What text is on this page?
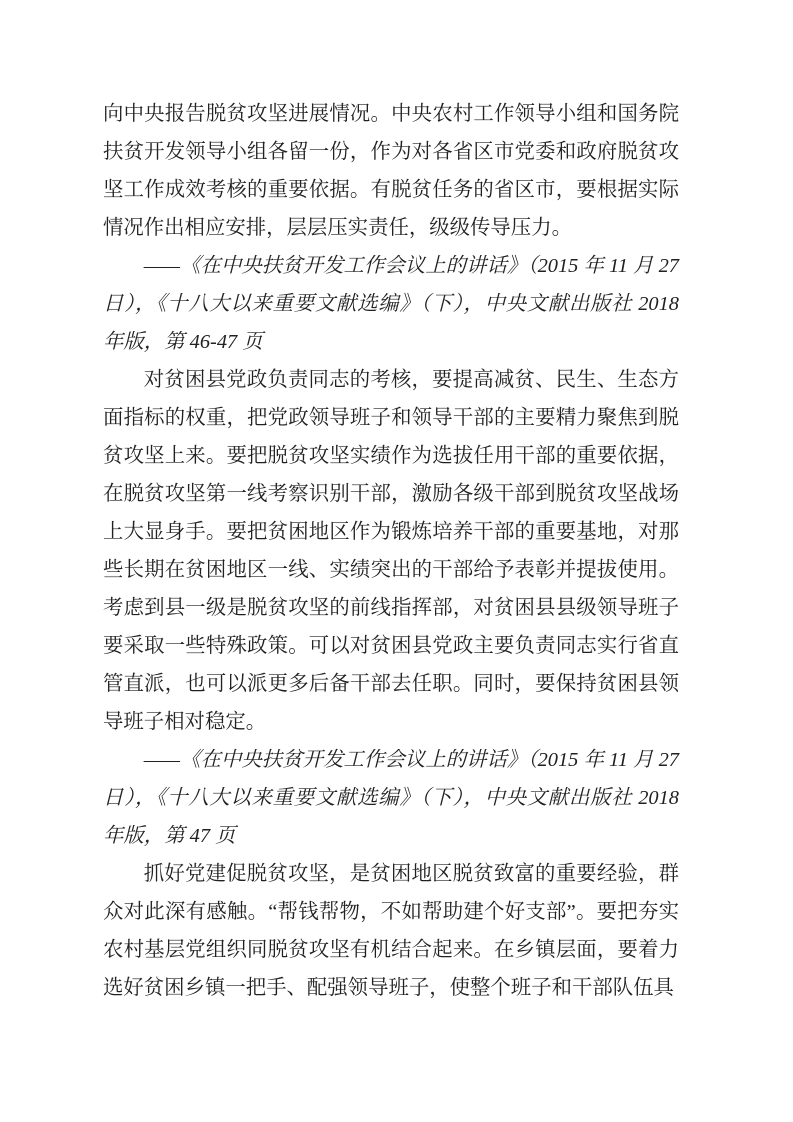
向中央报告脱贫攻坚进展情况。中央农村工作领导小组和国务院扶贫开发领导小组各留一份，作为对各省区市党委和政府脱贫攻坚工作成效考核的重要依据。有脱贫任务的省区市，要根据实际情况作出相应安排，层层压实责任，级级传导压力。

——《在中央扶贫开发工作会议上的讲话》（2015 年 11 月 27 日），《十八大以来重要文献选编》（下），中央文献出版社 2018 年版，第 46-47 页

对贫困县党政负责同志的考核，要提高减贫、民生、生态方面指标的权重，把党政领导班子和领导干部的主要精力聚焦到脱贫攻坚上来。要把脱贫攻坚实绩作为选拔任用干部的重要依据，在脱贫攻坚第一线考察识别干部，激励各级干部到脱贫攻坚战场上大显身手。要把贫困地区作为锻炼培养干部的重要基地，对那些长期在贫困地区一线、实绩突出的干部给予表彰并提拔使用。考虑到县一级是脱贫攻坚的前线指挥部，对贫困县县级领导班子要采取一些特殊政策。可以对贫困县党政主要负责同志实行省直管直派，也可以派更多后备干部去任职。同时，要保持贫困县领导班子相对稳定。

——《在中央扶贫开发工作会议上的讲话》（2015 年 11 月 27 日），《十八大以来重要文献选编》（下），中央文献出版社 2018 年版，第 47 页

抓好党建促脱贫攻坚，是贫困地区脱贫致富的重要经验，群众对此深有感触。“帮钱帮物，不如帮助建个好支部”。要把夯实农村基层党组织同脱贫攻坚有机结合起来。在乡镇层面，要着力选好贫困乡镇一把手、配强领导班子，使整个班子和干部队伍具
